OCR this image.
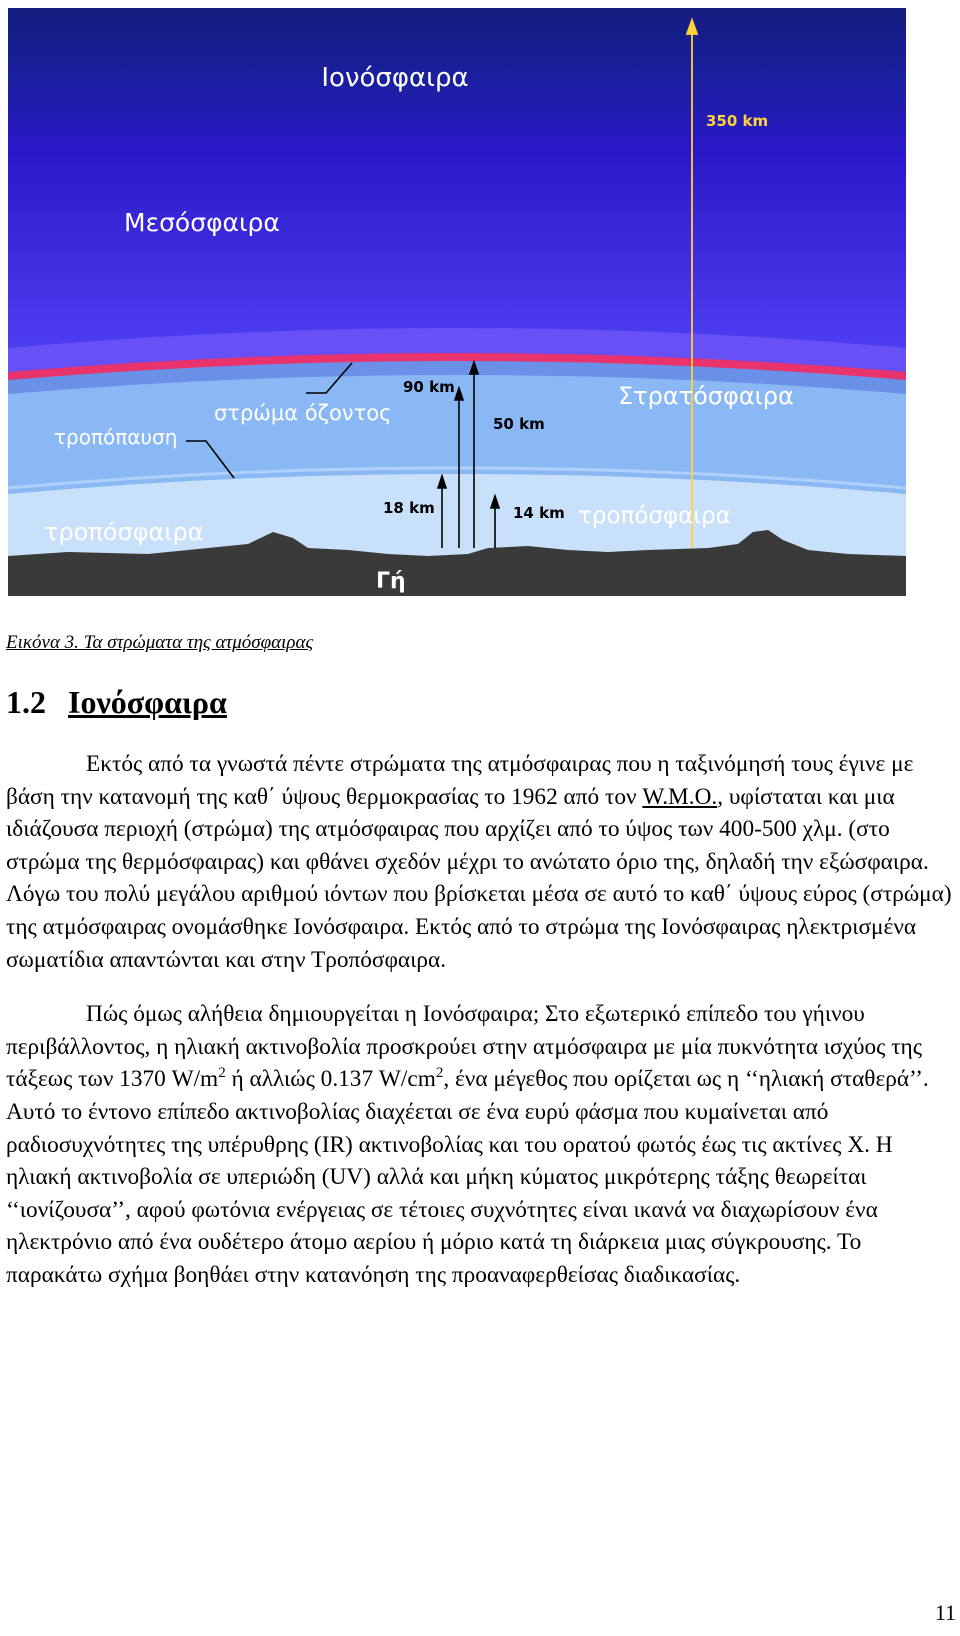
Ιονόσφαιρα
Μεσόσφαιρα
Στρατόσφαιρα
στρώμα όζοντος
τροπόπαυση
τροπόσφαιρα
τροπόσφαιρα
Γή
350 km
90 km
50 km
18 km	14 km

Εικόνα 3. Τα στρώματα της ατμόσφαιρας

1.2 Ιονόσφαιρα

Εκτός από τα γνωστά πέντε στρώματα της ατμόσφαιρας που η ταξινόμησή τους έγινε με βάση την κατανομή της καθ΄ ύψους θερμοκρασίας το 1962 από τον W.M.O., υφίσταται και μια ιδιάζουσα περιοχή (στρώμα) της ατμόσφαιρας που αρχίζει από το ύψος των 400-500 χλμ. (στο στρώμα της θερμόσφαιρας) και φθάνει σχεδόν μέχρι το ανώτατο όριο της, δηλαδή την εξώσφαιρα. Λόγω του πολύ μεγάλου αριθμού ιόντων που βρίσκεται μέσα σε αυτό το καθ΄ ύψους εύρος (στρώμα) της ατμόσφαιρας ονομάσθηκε Ιονόσφαιρα. Εκτός από το στρώμα της Ιονόσφαιρας ηλεκτρισμένα σωματίδια απαντώνται και στην Τροπόσφαιρα.

Πώς όμως αλήθεια δημιουργείται η Ιονόσφαιρα; Στο εξωτερικό επίπεδο του γήινου περιβάλλοντος, η ηλιακή ακτινοβολία προσκρούει στην ατμόσφαιρα με μία πυκνότητα ισχύος της τάξεως των 1370 $W/m^2$ ή αλλιώς 0.137 $W/cm^2$, ένα μέγεθος που ορίζεται ως η ‘‘ηλιακή σταθερά’’. Αυτό το έντονο επίπεδο ακτινοβολίας διαχέεται σε ένα ευρύ φάσμα που κυμαίνεται από ραδιοσυχνότητες της υπέρυθρης (IR) ακτινοβολίας και του ορατού φωτός έως τις ακτίνες X. Η ηλιακή ακτινοβολία σε υπεριώδη (UV) αλλά και μήκη κύματος μικρότερης τάξης θεωρείται ‘‘ιονίζουσα’’, αφού φωτόνια ενέργειας σε τέτοιες συχνότητες είναι ικανά να διαχωρίσουν ένα ηλεκτρόνιο από ένα ουδέτερο άτομο αερίου ή μόριο κατά τη διάρκεια μιας σύγκρουσης. Το παρακάτω σχήμα βοηθάει στην κατανόηση της προαναφερθείσας διαδικασίας.

11
